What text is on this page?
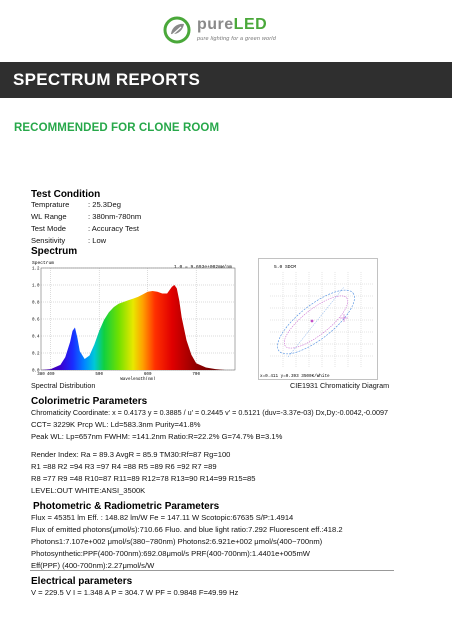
pureLED
pure lighting for a green world
SPECTRUM REPORTS
RECOMMENDED FOR CLONE ROOM
Test Condition
Temprature : 25.3Deg
WL Range	: 380nm-780nm
Test Mode	: Accuracy Test
Sensitivity	: Low
Spectrum
Spectrum
1.0 = 9.693e+002mW/nm
0.0
0.2
0.4
0.6
0.8
1.0
1.2
380 400	500	600	700
Wavelength(nm)
5.0 SDCM
x=0.411 y=0.393 3500K/White
Spectral Distribution	CIE1931 Chromaticity Diagram
Colorimetric Parameters
Chromaticity Coordinate: x = 0.4173 y = 0.3885 / u' = 0.2445 v' = 0.5121 (duv=-3.37e-03) Dx,Dy:-0.0042,-0.0097
CCT= 3229K Prcp WL: Ld=583.3nm Purity=41.8%
Peak WL: Lp=657nm FWHM: =141.2nm Ratio:R=22.2% G=74.7% B=3.1%
Render Index: Ra = 89.3 AvgR = 85.9 TM30:Rf=87 Rg=100
R1 =88 R2 =94 R3 =97 R4 =88 R5 =89 R6 =92 R7 =89
R8 =77 R9 =48 R10=87 R11=89 R12=78 R13=90 R14=99 R15=85
LEVEL:OUT WHITE:ANSI_3500K
Photometric & Radiometric Parameters
Flux = 45351 lm Eff. : 148.82 lm/W Fe = 147.11 W Scotopic:67635 S/P:1.4914
Flux of emitted photons(μmol/s):710.66 Fluo. and blue light ratio:7.292 Fluorescent eff.:418.2
Photons1:7.107e+002 μmol/s(380~780nm) Photons2:6.921e+002 μmol/s(400~700nm)
Photosynthetic:PPF(400-700nm):692.08μmol/s PRF(400-700nm):1.4401e+005mW
Eff(PPF) (400-700nm):2.27μmol/s/W
Electrical parameters
V = 229.5 V I = 1.348 A P = 304.7 W PF = 0.9848 F=49.99 Hz
